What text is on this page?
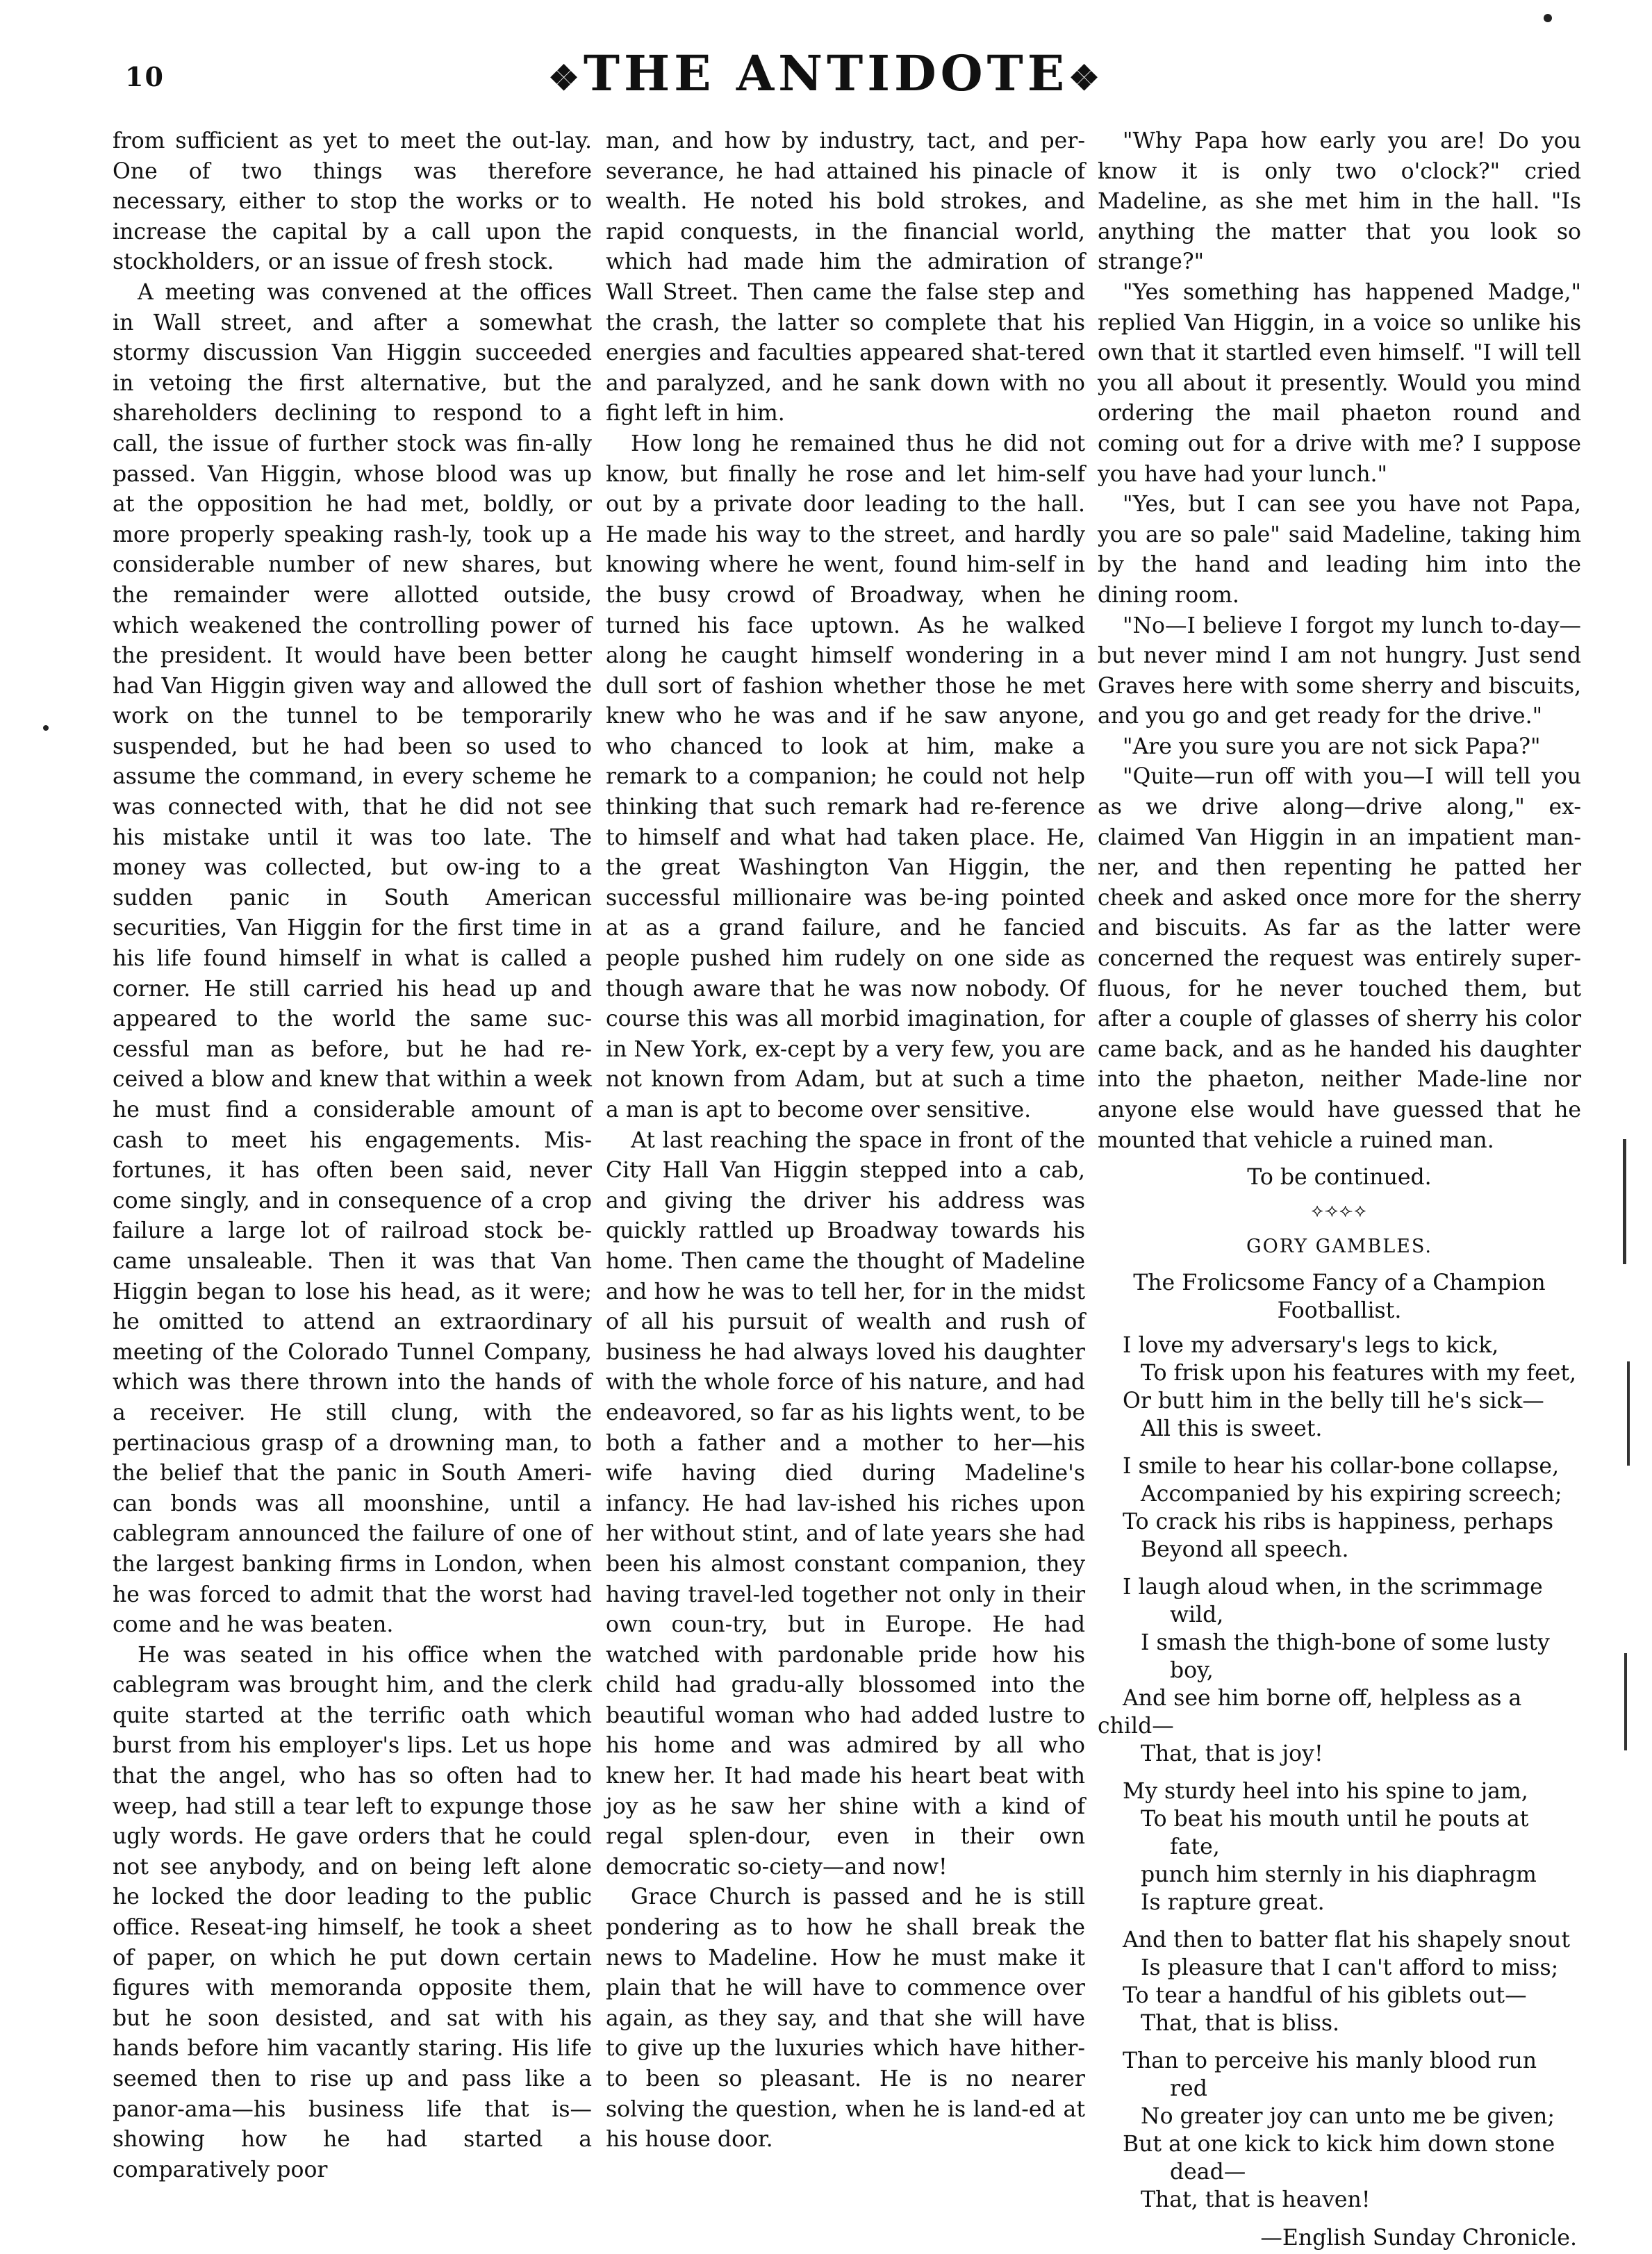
10	❖THE ANTIDOTE❖

from sufficient as yet to meet the out-lay. One of two things was therefore necessary, either to stop the works or to increase the capital by a call upon the stockholders, or an issue of fresh stock.

A meeting was convened at the offices in Wall street, and after a somewhat stormy discussion Van Higgin succeeded in vetoing the first alternative, but the shareholders declining to respond to a call, the issue of further stock was fin-ally passed. Van Higgin, whose blood was up at the opposition he had met, boldly, or more properly speaking rash-ly, took up a considerable number of new shares, but the remainder were allotted outside, which weakened the controlling power of the president. It would have been better had Van Higgin given way and allowed the work on the tunnel to be temporarily suspended, but he had been so used to assume the command, in every scheme he was connected with, that he did not see his mistake until it was too late. The money was collected, but ow-ing to a sudden panic in South American securities, Van Higgin for the first time in his life found himself in what is called a corner. He still carried his head up and appeared to the world the same suc-cessful man as before, but he had re-ceived a blow and knew that within a week he must find a considerable amount of cash to meet his engagements. Mis-fortunes, it has often been said, never come singly, and in consequence of a crop failure a large lot of railroad stock be-came unsaleable. Then it was that Van Higgin began to lose his head, as it were; he omitted to attend an extraordinary meeting of the Colorado Tunnel Company, which was there thrown into the hands of a receiver. He still clung, with the pertinacious grasp of a drowning man, to the belief that the panic in South Ameri-can bonds was all moonshine, until a cablegram announced the failure of one of the largest banking firms in London, when he was forced to admit that the worst had come and he was beaten.

He was seated in his office when the cablegram was brought him, and the clerk quite started at the terrific oath which burst from his employer's lips. Let us hope that the angel, who has so often had to weep, had still a tear left to expunge those ugly words. He gave orders that he could not see anybody, and on being left alone he locked the door leading to the public office. Reseat-ing himself, he took a sheet of paper, on which he put down certain figures with memoranda opposite them, but he soon desisted, and sat with his hands before him vacantly staring. His life seemed then to rise up and pass like a panor-ama—his business life that is—showing how he had started a comparatively poor

man, and how by industry, tact, and per-severance, he had attained his pinacle of wealth. He noted his bold strokes, and rapid conquests, in the financial world, which had made him the admiration of Wall Street. Then came the false step and the crash, the latter so complete that his energies and faculties appeared shat-tered and paralyzed, and he sank down with no fight left in him.

How long he remained thus he did not know, but finally he rose and let him-self out by a private door leading to the hall. He made his way to the street, and hardly knowing where he went, found him-self in the busy crowd of Broadway, when he turned his face uptown. As he walked along he caught himself wondering in a dull sort of fashion whether those he met knew who he was and if he saw anyone, who chanced to look at him, make a remark to a companion; he could not help thinking that such remark had re-ference to himself and what had taken place. He, the great Washington Van Higgin, the successful millionaire was be-ing pointed at as a grand failure, and he fancied people pushed him rudely on one side as though aware that he was now nobody. Of course this was all morbid imagination, for in New York, ex-cept by a very few, you are not known from Adam, but at such a time a man is apt to become over sensitive.

At last reaching the space in front of the City Hall Van Higgin stepped into a cab, and giving the driver his address was quickly rattled up Broadway towards his home. Then came the thought of Madeline and how he was to tell her, for in the midst of all his pursuit of wealth and rush of business he had always loved his daughter with the whole force of his nature, and had endeavored, so far as his lights went, to be both a father and a mother to her—his wife having died during Madeline's infancy. He had lav-ished his riches upon her without stint, and of late years she had been his almost constant companion, they having travel-led together not only in their own coun-try, but in Europe. He had watched with pardonable pride how his child had gradu-ally blossomed into the beautiful woman who had added lustre to his home and was admired by all who knew her. It had made his heart beat with joy as he saw her shine with a kind of regal splen-dour, even in their own democratic so-ciety—and now!

Grace Church is passed and he is still pondering as to how he shall break the news to Madeline. How he must make it plain that he will have to commence over again, as they say, and that she will have to give up the luxuries which have hither-to been so pleasant. He is no nearer solving the question, when he is land-ed at his house door.

"Why Papa how early you are! Do you know it is only two o'clock?" cried Madeline, as she met him in the hall. "Is anything the matter that you look so strange?"

"Yes something has happened Madge," replied Van Higgin, in a voice so unlike his own that it startled even himself. "I will tell you all about it presently. Would you mind ordering the mail phaeton round and coming out for a drive with me? I suppose you have had your lunch."

"Yes, but I can see you have not Papa, you are so pale" said Madeline, taking him by the hand and leading him into the dining room.

"No—I believe I forgot my lunch to-day—but never mind I am not hungry. Just send Graves here with some sherry and biscuits, and you go and get ready for the drive."

"Are you sure you are not sick Papa?"

"Quite—run off with you—I will tell you as we drive along—drive along," ex-claimed Van Higgin in an impatient man-ner, and then repenting he patted her cheek and asked once more for the sherry and biscuits. As far as the latter were concerned the request was entirely super-fluous, for he never touched them, but after a couple of glasses of sherry his color came back, and as he handed his daughter into the phaeton, neither Made-line nor anyone else would have guessed that he mounted that vehicle a ruined man.

To be continued.

⟡⟢⟣⟡
GORY GAMBLES.
The Frolicsome Fancy of a Champion Footballist.

I love my adversary's legs to kick,

To frisk upon his features with my feet,

Or butt him in the belly till he's sick—

All this is sweet.

I smile to hear his collar-bone collapse,

Accompanied by his expiring screech;

To crack his ribs is happiness, perhaps

Beyond all speech.

I laugh aloud when, in the scrimmage

wild,

I smash the thigh-bone of some lusty

boy,

And see him borne off, helpless as a child—

That, that is joy!

My sturdy heel into his spine to jam,

To beat his mouth until he pouts at

fate,

punch him sternly in his diaphragm

Is rapture great.

And then to batter flat his shapely snout

Is pleasure that I can't afford to miss;

To tear a handful of his giblets out—

That, that is bliss.

Than to perceive his manly blood run

red

No greater joy can unto me be given;

But at one kick to kick him down stone

dead—

That, that is heaven!

—English Sunday Chronicle.
